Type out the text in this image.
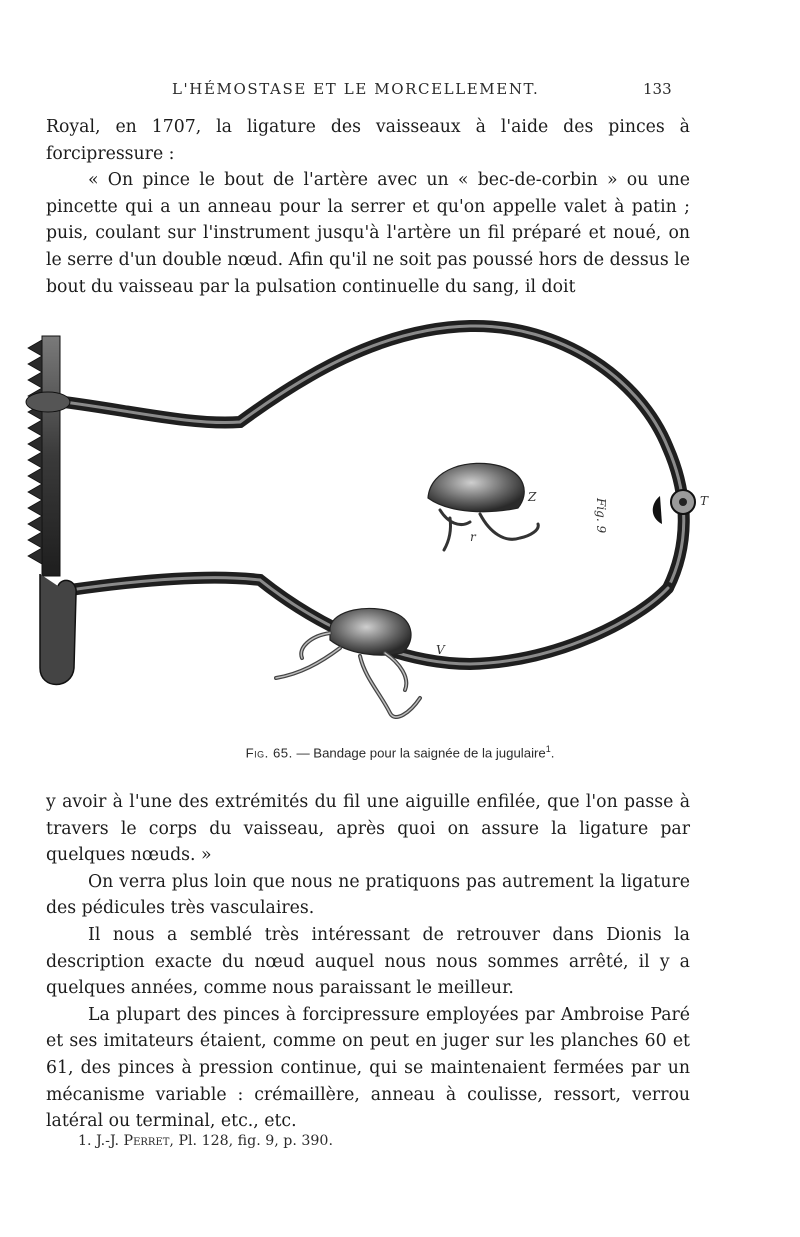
L'HÉMOSTASE ET LE MORCELLEMENT.	133

Royal, en 1707, la ligature des vaisseaux à l'aide des pinces à forcipressure :

« On pince le bout de l'artère avec un « bec-de-corbin » ou une pincette qui a un anneau pour la serrer et qu'on appelle valet à patin ; puis, coulant sur l'instrument jusqu'à l'artère un fil préparé et noué, on le serre d'un double nœud. Afin qu'il ne soit pas poussé hors de dessus le bout du vaisseau par la pulsation continuelle du sang, il doit

T
Z
V
r
Fig. 9
Fig. 65. — Bandage pour la saignée de la jugulaire$^1$.

y avoir à l'une des extrémités du fil une aiguille enfilée, que l'on passe à travers le corps du vaisseau, après quoi on assure la ligature par quelques nœuds. »

On verra plus loin que nous ne pratiquons pas autrement la ligature des pédicules très vasculaires.

Il nous a semblé très intéressant de retrouver dans Dionis la description exacte du nœud auquel nous nous sommes arrêté, il y a quelques années, comme nous paraissant le meilleur.

La plupart des pinces à forcipressure employées par Ambroise Paré et ses imitateurs étaient, comme on peut en juger sur les planches 60 et 61, des pinces à pression continue, qui se maintenaient fermées par un mécanisme variable : crémaillère, anneau à coulisse, ressort, verrou latéral ou terminal, etc., etc.

1. J.-J. Perret, Pl. 128, fig. 9, p. 390.
